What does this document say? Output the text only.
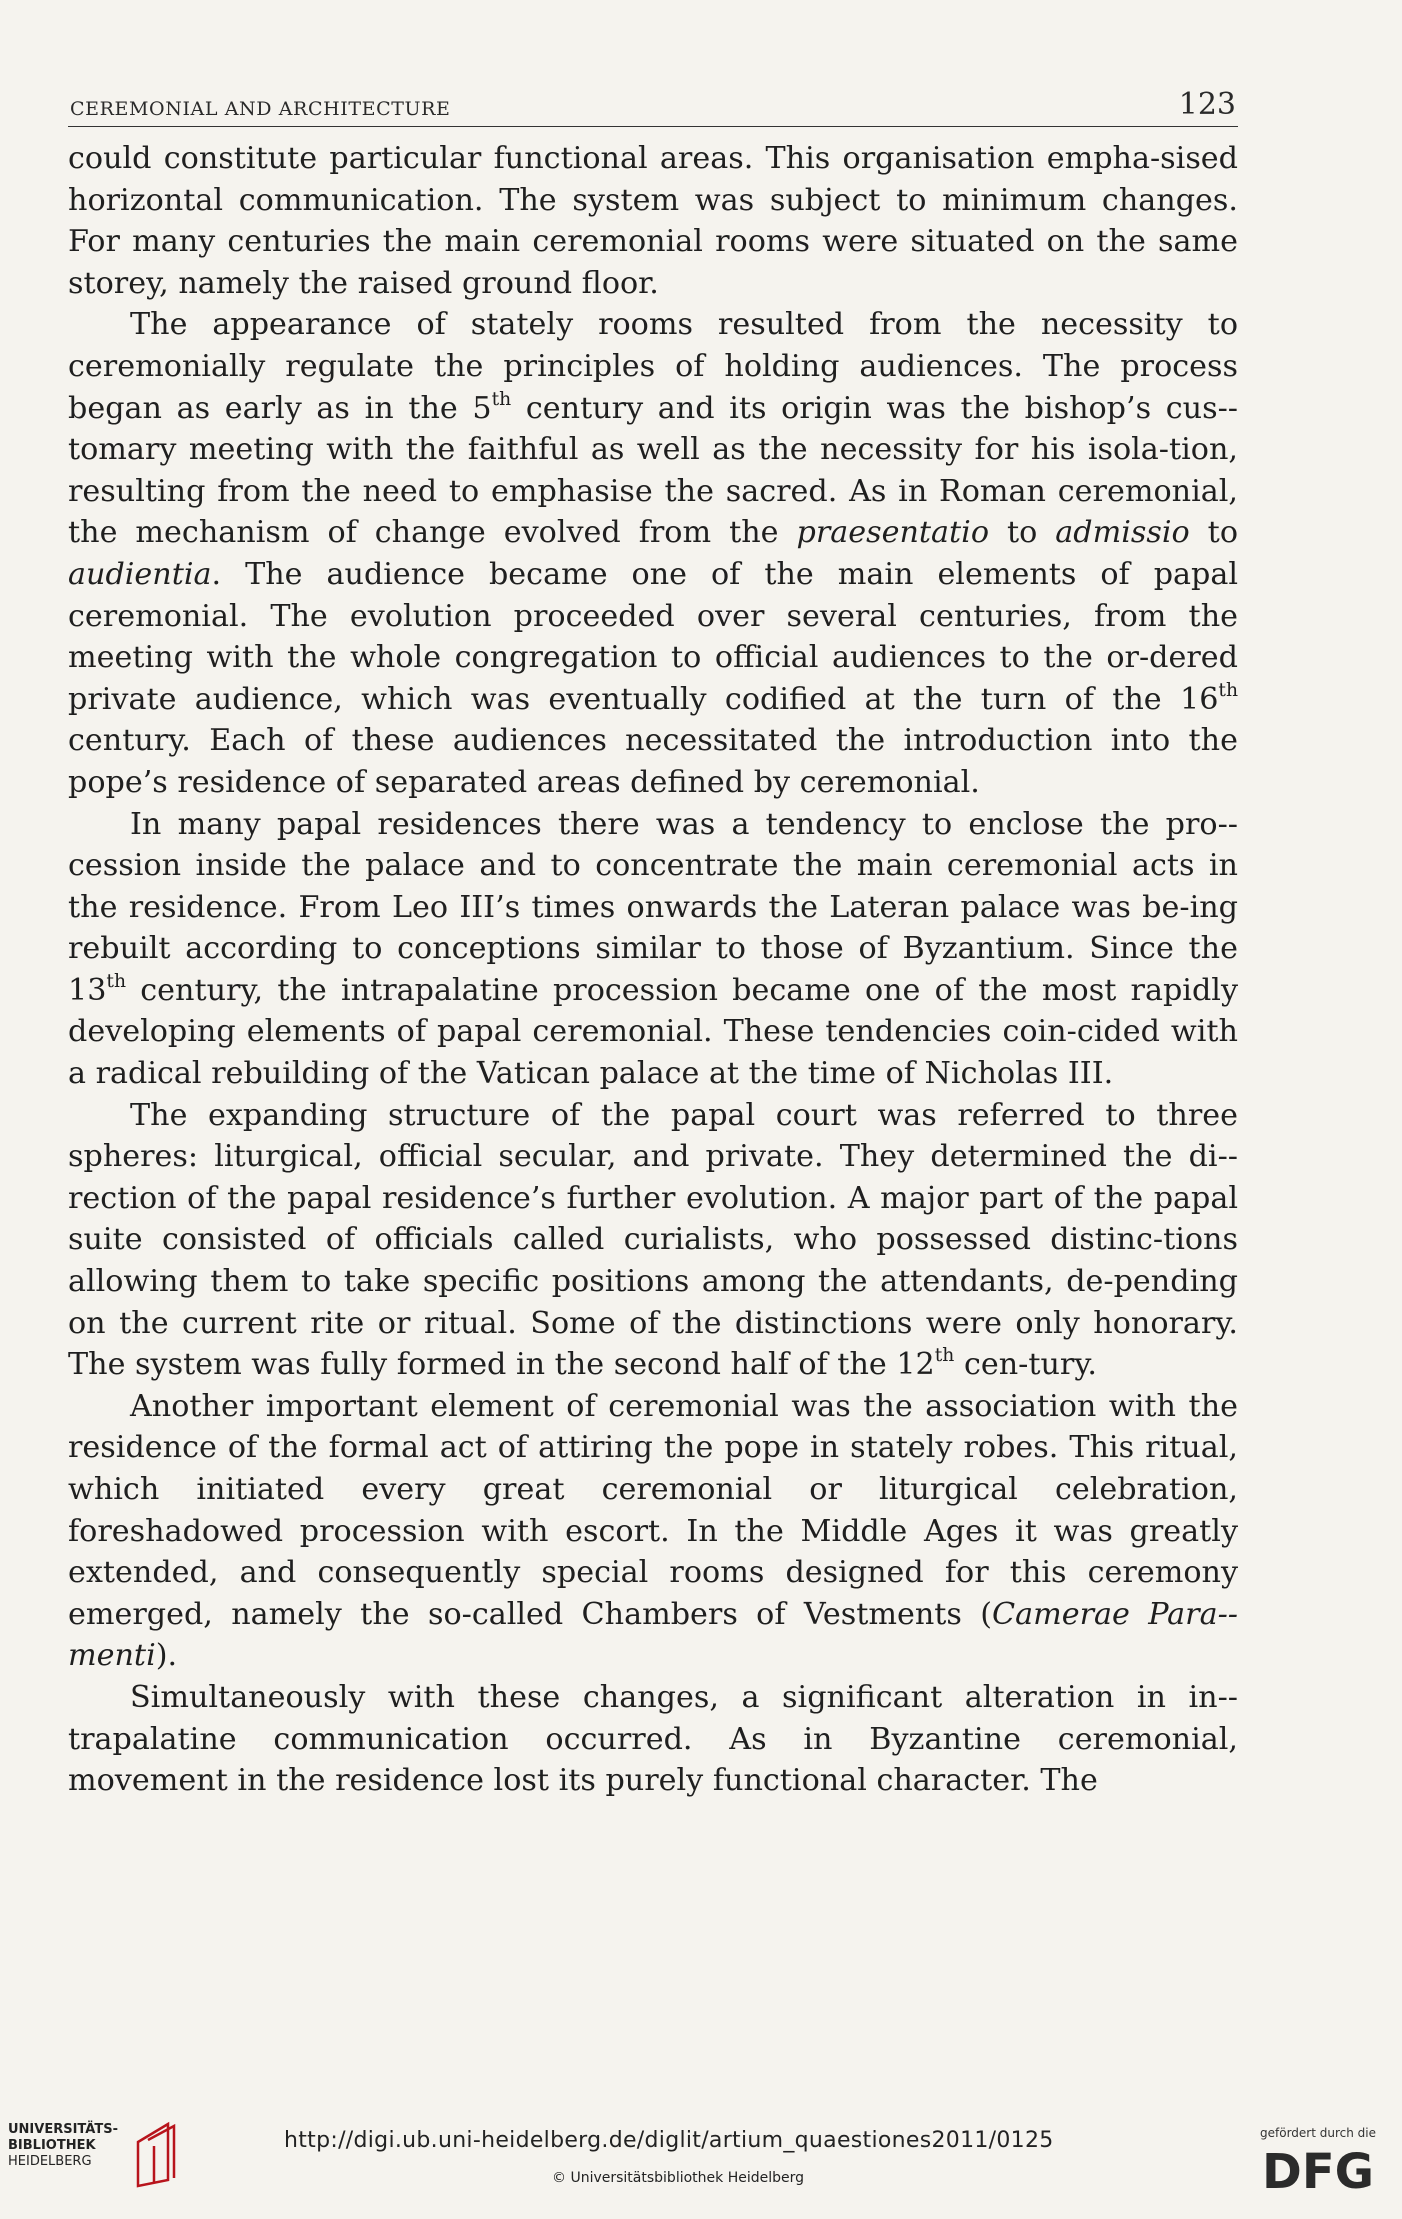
CEREMONIAL AND ARCHITECTURE	123

could constitute particular functional areas. This organisation empha-sised horizontal communication. The system was subject to minimum changes. For many centuries the main ceremonial rooms were situated on the same storey, namely the raised ground floor.

The appearance of stately rooms resulted from the necessity to ceremonially regulate the principles of holding audiences. The process began as early as in the 5th century and its origin was the bishop’s cus-tomary meeting with the faithful as well as the necessity for his isola-tion, resulting from the need to emphasise the sacred. As in Roman ceremonial, the mechanism of change evolved from the praesentatio to admissio to audientia. The audience became one of the main elements of papal ceremonial. The evolution proceeded over several centuries, from the meeting with the whole congregation to official audiences to the or-dered private audience, which was eventually codified at the turn of the 16th century. Each of these audiences necessitated the introduction into the pope’s residence of separated areas defined by ceremonial.

In many papal residences there was a tendency to enclose the pro-cession inside the palace and to concentrate the main ceremonial acts in the residence. From Leo III’s times onwards the Lateran palace was be-ing rebuilt according to conceptions similar to those of Byzantium. Since the 13th century, the intrapalatine procession became one of the most rapidly developing elements of papal ceremonial. These tendencies coin-cided with a radical rebuilding of the Vatican palace at the time of Nicholas III.

The expanding structure of the papal court was referred to three spheres: liturgical, official secular, and private. They determined the di-rection of the papal residence’s further evolution. A major part of the papal suite consisted of officials called curialists, who possessed distinc-tions allowing them to take specific positions among the attendants, de-pending on the current rite or ritual. Some of the distinctions were only honorary. The system was fully formed in the second half of the 12th cen-tury.

Another important element of ceremonial was the association with the residence of the formal act of attiring the pope in stately robes. This ritual, which initiated every great ceremonial or liturgical celebration, foreshadowed procession with escort. In the Middle Ages it was greatly extended, and consequently special rooms designed for this ceremony emerged, namely the so-called Chambers of Vestments (Camerae Para-menti).

Simultaneously with these changes, a significant alteration in in-trapalatine communication occurred. As in Byzantine ceremonial, movement in the residence lost its purely functional character. The

UNIVERSITÄTS-
BIBLIOTHEK
HEIDELBERG
http://digi.ub.uni-heidelberg.de/diglit/artium_quaestiones2011/0125
© Universitätsbibliothek Heidelberg
gefördert durch die
DFG
